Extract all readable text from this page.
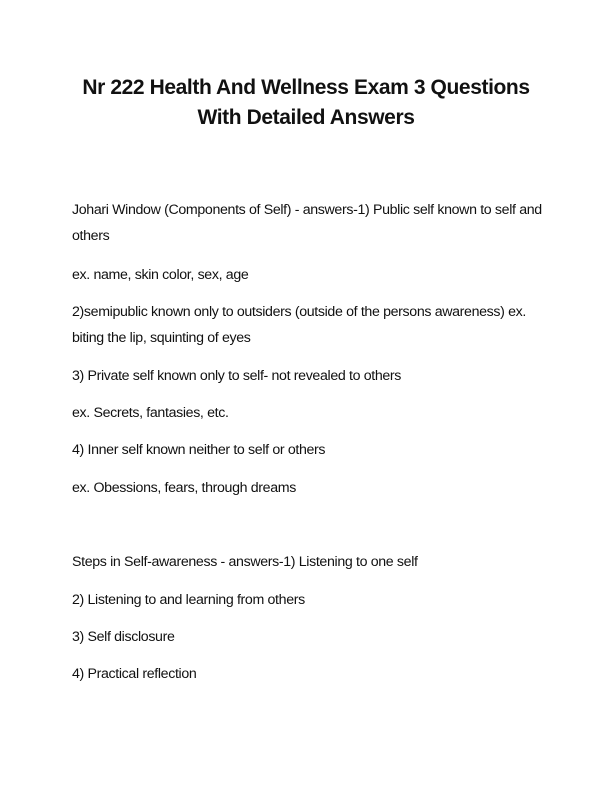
Nr 222 Health And Wellness Exam 3 Questions
With Detailed Answers

Johari Window (Components of Self) - answers-1) Public self known to self and others

ex. name, skin color, sex, age

2)semipublic known only to outsiders (outside of the persons awareness) ex. biting the lip, squinting of eyes

3) Private self known only to self- not revealed to others

ex. Secrets, fantasies, etc.

4) Inner self known neither to self or others

ex. Obessions, fears, through dreams

Steps in Self-awareness - answers-1) Listening to one self

2) Listening to and learning from others

3) Self disclosure

4) Practical reflection
